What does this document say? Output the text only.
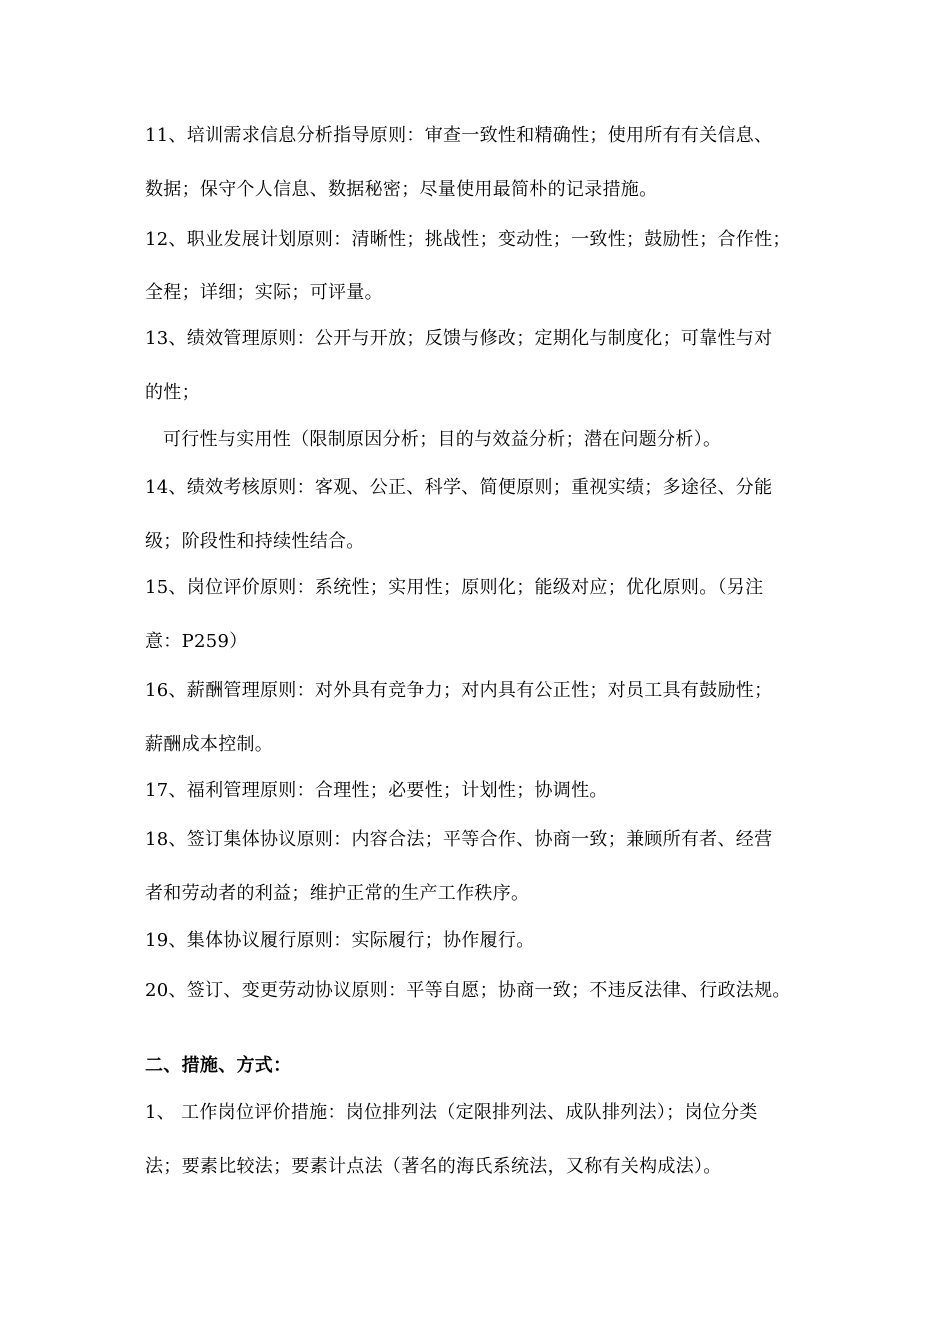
11、培训需求信息分析指导原则：审查一致性和精确性；使用所有有关信息、
数据；保守个人信息、数据秘密；尽量使用最简朴的记录措施。
12、职业发展计划原则：清晰性；挑战性；变动性；一致性；鼓励性；合作性；
全程；详细；实际；可评量。
13、绩效管理原则：公开与开放；反馈与修改；定期化与制度化；可靠性与对
的性；
可行性与实用性（限制原因分析；目的与效益分析；潜在问题分析）。
14、绩效考核原则：客观、公正、科学、简便原则；重视实绩；多途径、分能
级；阶段性和持续性结合。
15、岗位评价原则：系统性；实用性；原则化；能级对应；优化原则。（另注
意：P259）
16、薪酬管理原则：对外具有竞争力；对内具有公正性；对员工具有鼓励性；
薪酬成本控制。
17、福利管理原则：合理性；必要性；计划性；协调性。
18、签订集体协议原则：内容合法；平等合作、协商一致；兼顾所有者、经营
者和劳动者的利益；维护正常的生产工作秩序。
19、集体协议履行原则：实际履行；协作履行。
20、签订、变更劳动协议原则：平等自愿；协商一致；不违反法律、行政法规。
二、措施、方式：
1、 工作岗位评价措施：岗位排列法（定限排列法、成队排列法）；岗位分类
法；要素比较法；要素计点法（著名的海氏系统法，又称有关构成法）。
